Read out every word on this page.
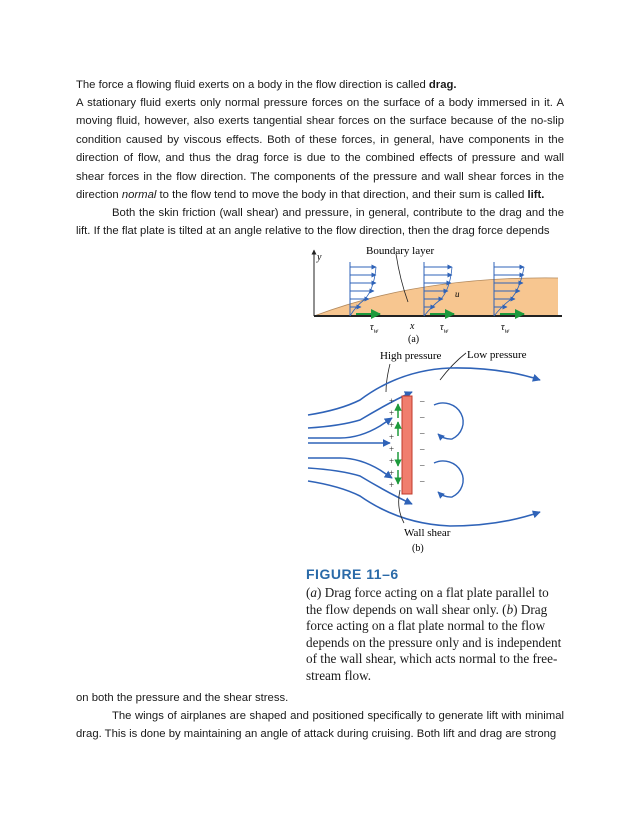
The force a flowing fluid exerts on a body in the flow direction is called drag.
A stationary fluid exerts only normal pressure forces on the surface of a body immersed in it. A moving fluid, however, also exerts tangential shear forces on the surface because of the no-slip condition caused by viscous effects. Both of these forces, in general, have components in the direction of flow, and thus the drag force is due to the combined effects of pressure and wall shear forces in the flow direction. The components of the pressure and wall shear forces in the direction normal to the flow tend to move the body in that direction, and their sum is called lift.
Both the skin friction (wall shear) and pressure, in general, contribute to the drag and the lift. If the flat plate is tilted at an angle relative to the flow direction, then the drag force depends
y
Boundary layer
u
$\tau_w$	x	$\tau_w$	$\tau_w$
(a)
High pressure Low pressure
+
+
+
+
+
+
+
+
–
–
–
–
–
–
Wall shear
(b)
FIGURE 11–6
(a) Drag force acting on a flat plate parallel to the flow depends on wall shear only. (b) Drag force acting on a flat plate normal to the flow depends on the pressure only and is independent of the wall shear, which acts normal to the free-stream flow.
on both the pressure and the shear stress.
The wings of airplanes are shaped and positioned specifically to generate lift with minimal drag. This is done by maintaining an angle of attack during cruising. Both lift and drag are strong
